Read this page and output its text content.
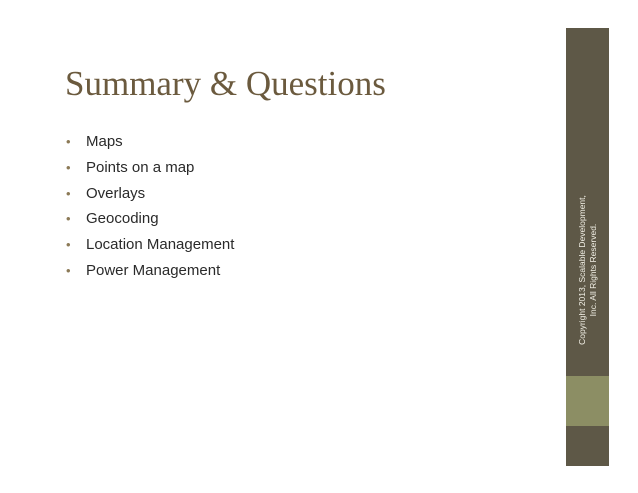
Summary & Questions
•	Maps
•	Points on a map
•	Overlays
•	Geocoding
•	Location Management
•	Power Management	Copyright 2013, Scalable Development, Inc. All Rights Reserved.
